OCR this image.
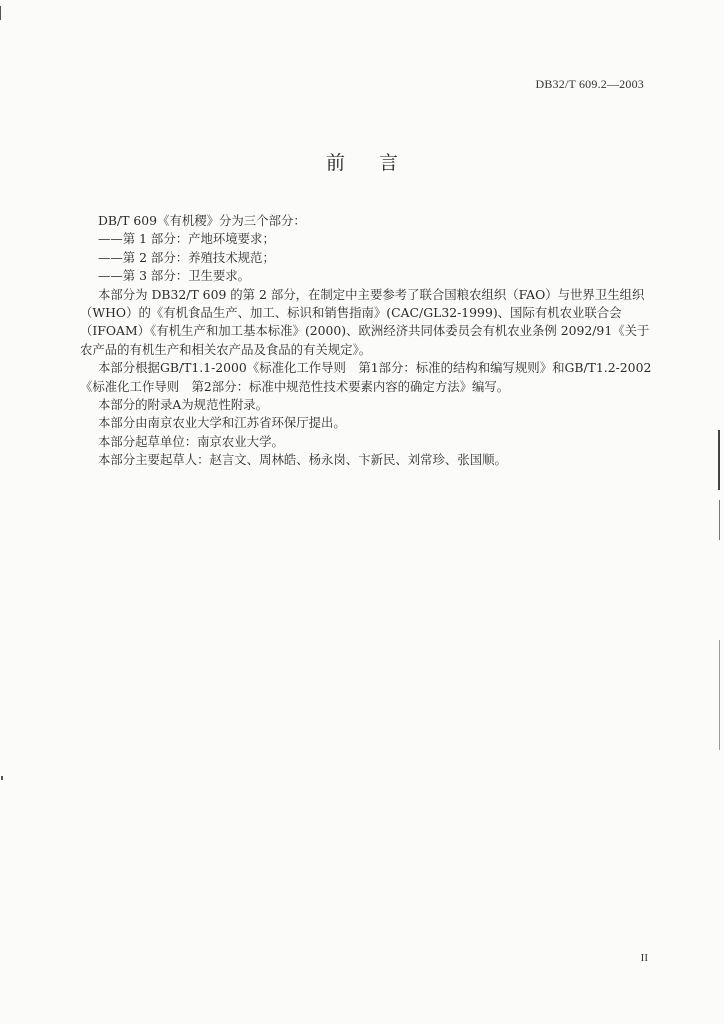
DB32/T 609.2—2003
前言

DB/T 609《有机稷》分为三个部分：

——第 1 部分：产地环境要求；

——第 2 部分：养殖技术规范；

——第 3 部分：卫生要求。

本部分为 DB32/T 609 的第 2 部分，在制定中主要参考了联合国粮农组织（FAO）与世界卫生组织（WHO）的《有机食品生产、加工、标识和销售指南》(CAC/GL32-1999)、国际有机农业联合会（IFOAM）《有机生产和加工基本标准》(2000)、欧洲经济共同体委员会有机农业条例 2092/91《关于农产品的有机生产和相关农产品及食品的有关规定》。

本部分根据GB/T1.1-2000《标准化工作导则　第1部分：标准的结构和编写规则》和GB/T1.2-2002《标准化工作导则　第2部分：标准中规范性技术要素内容的确定方法》编写。

本部分的附录A为规范性附录。

本部分由南京农业大学和江苏省环保厅提出。

本部分起草单位：南京农业大学。

本部分主要起草人：赵言文、周林皓、杨永岗、卞新民、刘常珍、张国顺。

II
